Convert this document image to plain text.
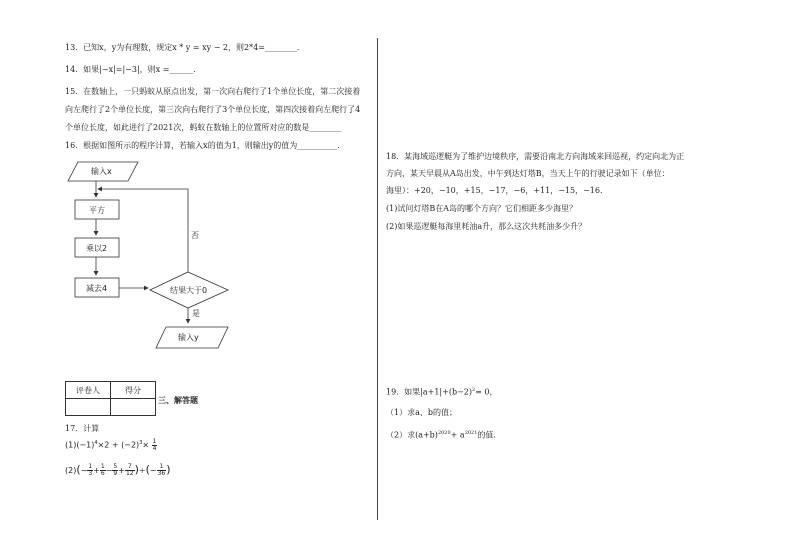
13．已知x，y为有理数，规定x * y = xy − 2，则2*4=________．
14．如果|−x|=|−3|，则x =______．
15．在数轴上，一只蚂蚁从原点出发，第一次向右爬行了1个单位长度，第二次接着
向左爬行了2个单位长度，第三次向右爬行了3个单位长度，第四次接着向左爬行了4
个单位长度，如此进行了2021次，蚂蚁在数轴上的位置所对应的数是________
16．根据如图所示的程序计算，若输入x的值为1，则输出y的值为__________．
输入x
平方
乘以2
减去4	结果大于0
否
是
输入y
评卷人	得分

三、解答题
17．计算
$(1)(-1)^4\times 2 + (-2)^3\times \frac{1}{4}$
$(2)(- \frac{1}{3} + \frac{1}{6} - \frac{5}{9} + \frac{7}{12}$ )÷(− $\frac{1}{36}$ )
18．某海域巡逻艇为了维护边境秩序，需要沿南北方向海域来回巡视，约定向北为正
方向，某天早晨从A岛出发，中午到达灯塔B，当天上午的行驶记录如下（单位：
海里）：+20，−10，+15，−17，−6，+11，−15，−16．
(1)试问灯塔B在A岛的哪个方向？它们相距多少海里？
(2)如果巡逻艇每海里耗油a升，那么这次共耗油多少升？
19．如果$|a+1|+(b-2)^2= 0$，
（1）求a、b的值；
（2）求$(a+b)^{2020}+ a^{2021}$的值.
